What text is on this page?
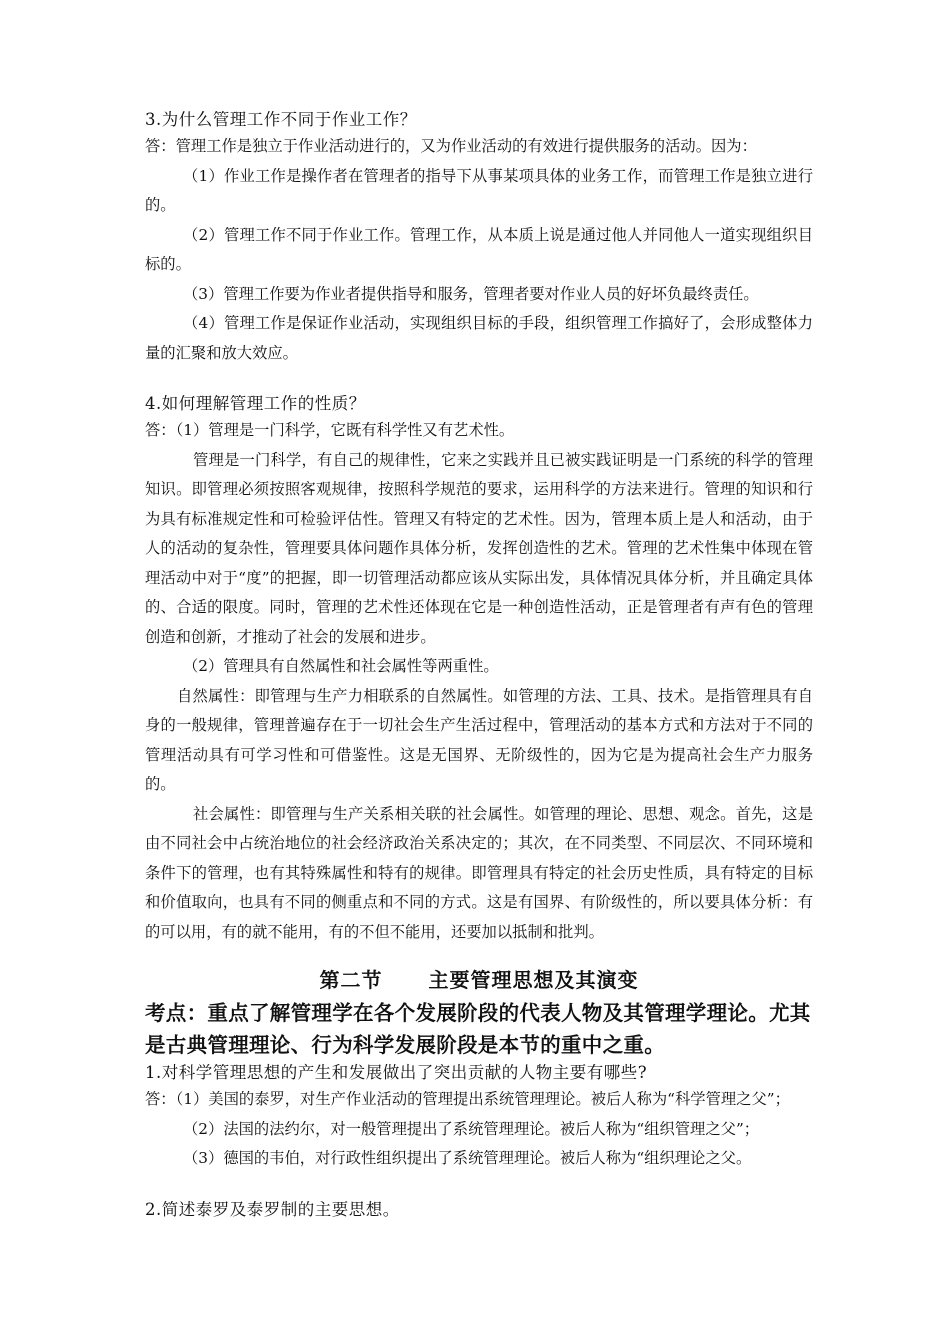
3.为什么管理工作不同于作业工作？

答：管理工作是独立于作业活动进行的，又为作业活动的有效进行提供服务的活动。因为：

（1）作业工作是操作者在管理者的指导下从事某项具体的业务工作，而管理工作是独立进行的。

（2）管理工作不同于作业工作。管理工作，从本质上说是通过他人并同他人一道实现组织目标的。

（3）管理工作要为作业者提供指导和服务，管理者要对作业人员的好坏负最终责任。

（4）管理工作是保证作业活动，实现组织目标的手段，组织管理工作搞好了，会形成整体力量的汇聚和放大效应。

4.如何理解管理工作的性质？

答：（1）管理是一门科学，它既有科学性又有艺术性。

管理是一门科学，有自己的规律性，它来之实践并且已被实践证明是一门系统的科学的管理知识。即管理必须按照客观规律，按照科学规范的要求，运用科学的方法来进行。管理的知识和行为具有标准规定性和可检验评估性。管理又有特定的艺术性。因为，管理本质上是人和活动，由于人的活动的复杂性，管理要具体问题作具体分析，发挥创造性的艺术。管理的艺术性集中体现在管理活动中对于“度”的把握，即一切管理活动都应该从实际出发，具体情况具体分析，并且确定具体的、合适的限度。同时，管理的艺术性还体现在它是一种创造性活动，正是管理者有声有色的管理创造和创新，才推动了社会的发展和进步。

（2）管理具有自然属性和社会属性等两重性。

自然属性：即管理与生产力相联系的自然属性。如管理的方法、工具、技术。是指管理具有自身的一般规律，管理普遍存在于一切社会生产生活过程中，管理活动的基本方式和方法对于不同的管理活动具有可学习性和可借鉴性。这是无国界、无阶级性的，因为它是为提高社会生产力服务的。

社会属性：即管理与生产关系相关联的社会属性。如管理的理论、思想、观念。首先，这是由不同社会中占统治地位的社会经济政治关系决定的；其次，在不同类型、不同层次、不同环境和条件下的管理，也有其特殊属性和特有的规律。即管理具有特定的社会历史性质，具有特定的目标和价值取向，也具有不同的侧重点和不同的方式。这是有国界、有阶级性的，所以要具体分析：有的可以用，有的就不能用，有的不但不能用，还要加以抵制和批判。

第二节 主要管理思想及其演变

考点：重点了解管理学在各个发展阶段的代表人物及其管理学理论。尤其是古典管理理论、行为科学发展阶段是本节的重中之重。

1.对科学管理思想的产生和发展做出了突出贡献的人物主要有哪些?

答：（1）美国的泰罗，对生产作业活动的管理提出系统管理理论。被后人称为“科学管理之父”；

（2）法国的法约尔，对一般管理提出了系统管理理论。被后人称为“组织管理之父”；

（3）德国的韦伯，对行政性组织提出了系统管理理论。被后人称为“组织理论之父。

2.简述泰罗及泰罗制的主要思想。
